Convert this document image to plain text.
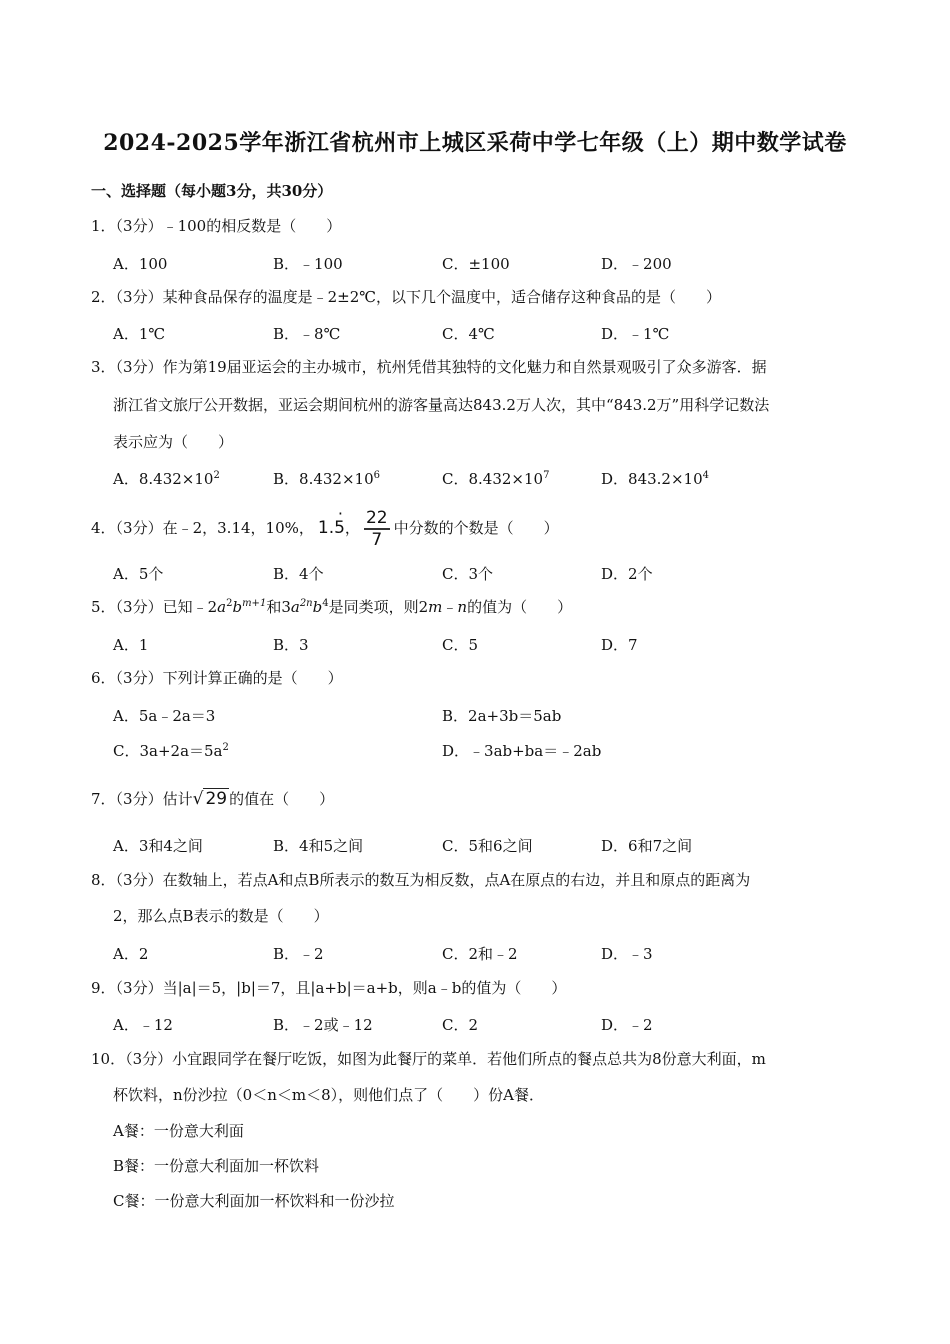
2024-2025学年浙江省杭州市上城区采荷中学七年级（上）期中数学试卷
一、选择题（每小题3分，共30分）
1．（3分）﹣100的相反数是（　　）
A．100	B．﹣100	C．±100	D．﹣200
2．（3分）某种食品保存的温度是﹣2±2℃，以下几个温度中，适合储存这种食品的是（　　）
A．1℃	B．﹣8℃	C．4℃	D．﹣1℃
3．（3分）作为第19届亚运会的主办城市，杭州凭借其独特的文化魅力和自然景观吸引了众多游客．据
浙江省文旅厅公开数据，亚运会期间杭州的游客量高达843.2万人次，其中“843.2万”用科学记数法
表示应为（　　）
A．$8.432\times 10^2$	B．$8.432\times 10^6$	C．$8.432\times 10^7$	D．$843.2\times 10^4$
4．（3分）在﹣2，3.14，10%， 1.5
·
， $\frac{22}{7}$ 中分数的个数是（　　）
A．5个	B．4个	C．3个	D．2个
5．（3分）已知$﹣2a^2b^{m+1}$和$3a^{2n}b^4$是同类项，则2m﹣n的值为（　　）
A．1	B．3	C．5	D．7
6．（3分）下列计算正确的是（　　）
A．5a﹣2a＝3	B．2a+3b＝5ab
C．$3a+2a=5a^2$	D．﹣3ab+ba＝﹣2ab
7．（3分）估计√ 29 的值在（　　）
A．3和4之间	B．4和5之间	C．5和6之间	D．6和7之间
8．（3分）在数轴上，若点A和点B所表示的数互为相反数，点A在原点的右边，并且和原点的距离为
2，那么点B表示的数是（　　）
A．2	B．﹣2	C．2和﹣2	D．﹣3
9．（3分）当|a|＝5，|b|＝7，且|a+b|＝a+b，则a﹣b的值为（　　）
A．﹣12	B．﹣2或﹣12	C．2	D．﹣2
10．（3分）小宜跟同学在餐厅吃饭，如图为此餐厅的菜单．若他们所点的餐点总共为8份意大利面，m
杯饮料，n份沙拉（0＜n＜m＜8），则他们点了（　　）份A餐．
A餐：一份意大利面
B餐：一份意大利面加一杯饮料
C餐：一份意大利面加一杯饮料和一份沙拉
